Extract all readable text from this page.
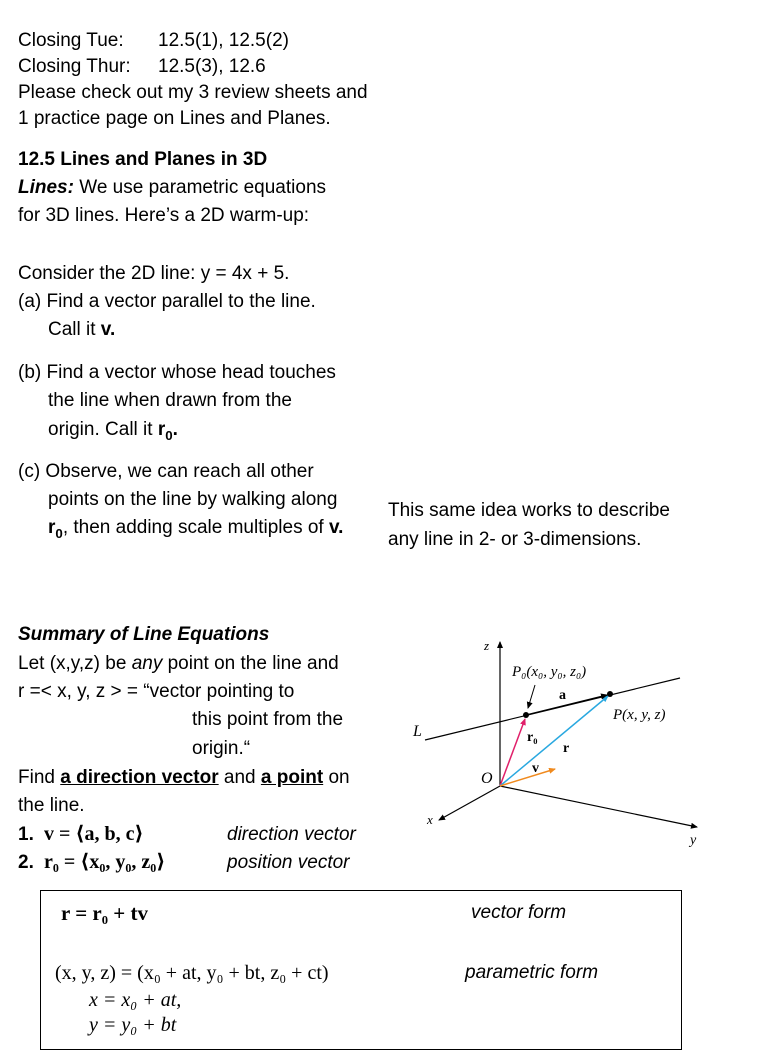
Closing Tue: 12.5(1), 12.5(2)
Closing Thur: 12.5(3), 12.6
Please check out my 3 review sheets and
1 practice page on Lines and Planes.
12.5 Lines and Planes in 3D
Lines: We use parametric equations
for 3D lines. Here’s a 2D warm-up:
Consider the 2D line: y = 4x + 5.
(a) Find a vector parallel to the line.
Call it v.
(b) Find a vector whose head touches
the line when drawn from the
origin. Call it $r_0$.
(c) Observe, we can reach all other
points on the line by walking along
$r_0$, then adding scale multiples of v.
This same idea works to describe
any line in 2- or 3-dimensions.
Summary of Line Equations
Let (x,y,z) be any point on the line and
r =< x, y, z > = “vector pointing to
this point from the
origin.“
Find a direction vector and a point on
the line.
1. v = ⟨a, b, c⟩	direction vector
2. r₀ = ⟨x₀, y₀, z₀⟩	position vector
z
x
y
O
L
P₀(x₀, y₀, z₀)
a
P(x, y, z)
r₀
r
v
r = r₀ + tv	vector form
(x, y, z) = (x₀ + at, y₀ + bt, z₀ + ct)	parametric form
x = x₀ + at,
y = y₀ + bt
